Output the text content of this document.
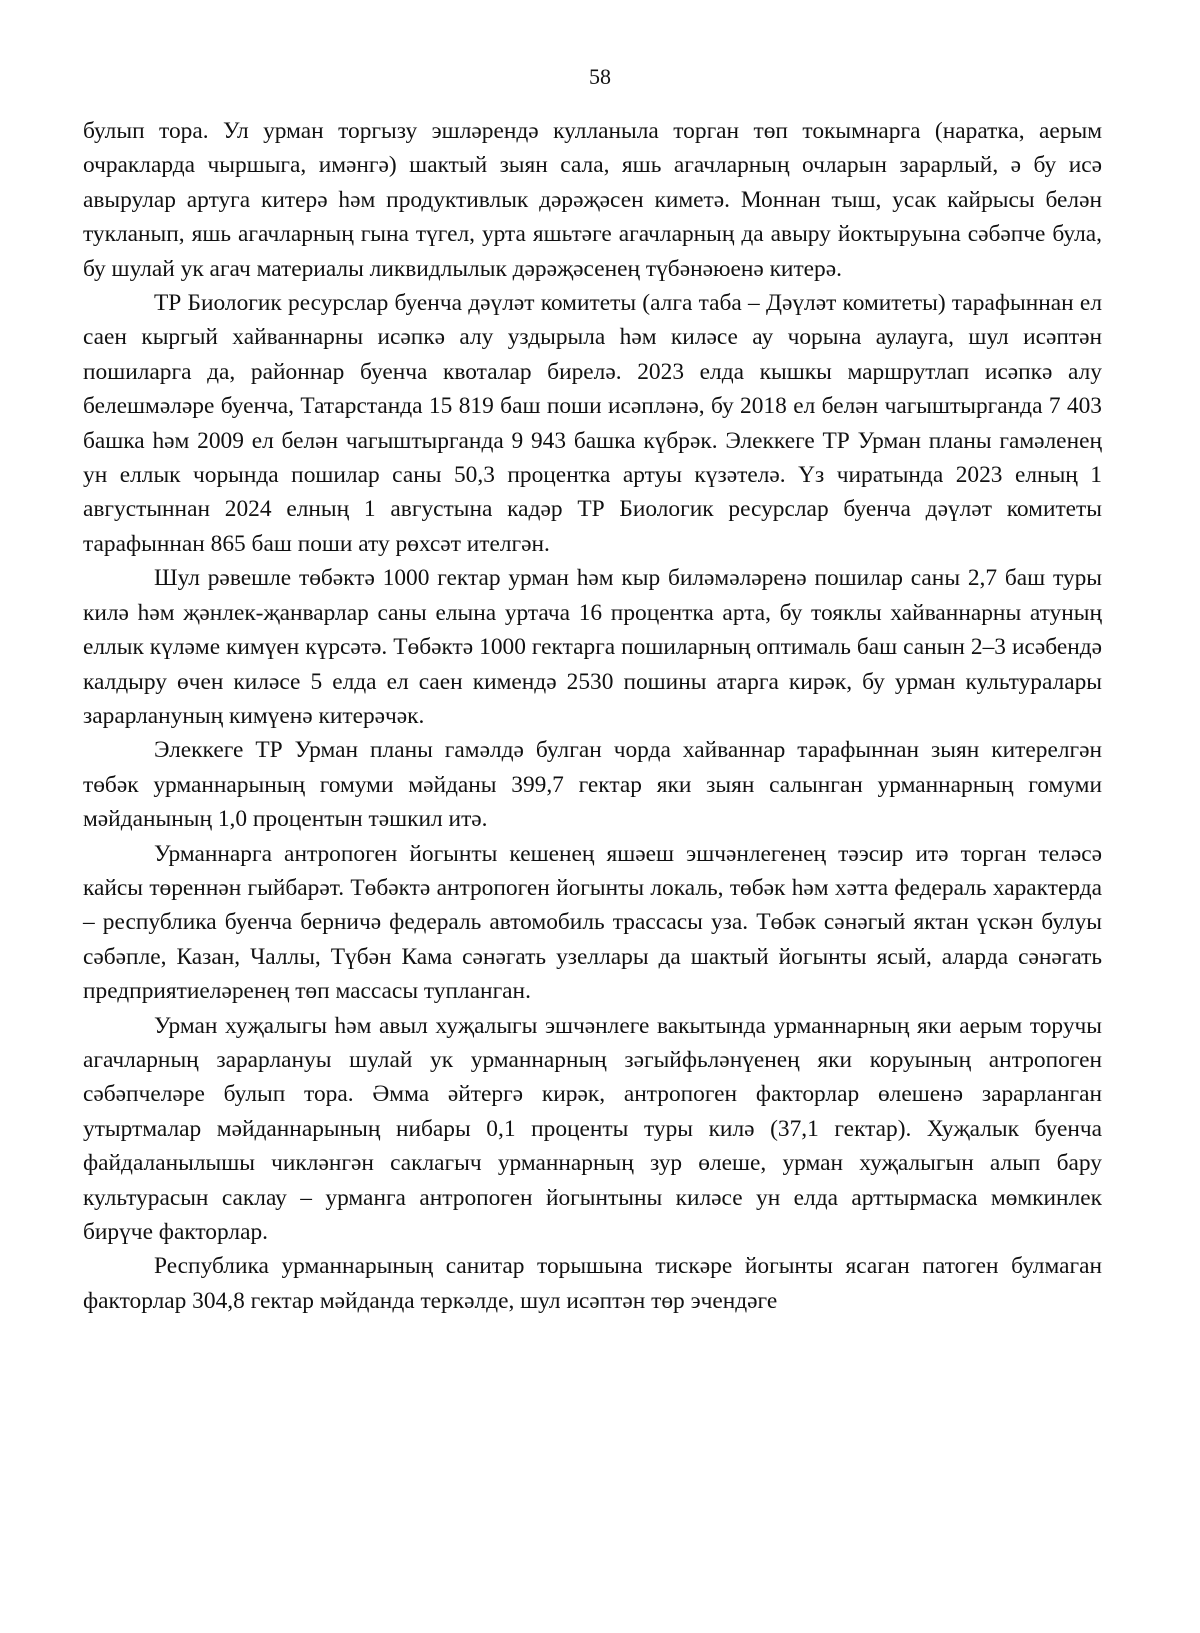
58

булып тора. Ул урман торгызу эшләрендә кулланыла торган төп токымнарга (наратка, аерым очракларда чыршыга, имәнгә) шактый зыян сала, яшь агачларның очларын зарарлый, ә бу исә авырулар артуга китерә һәм продуктивлык дәрәҗәсен киметә. Моннан тыш, усак кайрысы белән тукланып, яшь агачларның гына түгел, урта яшьтәге агачларның да авыру йоктыруына сәбәпче була, бу шулай ук агач материалы ликвидлылык дәрәҗәсенең түбәнәюенә китерә.

ТР Биологик ресурслар буенча дәүләт комитеты (алга таба – Дәүләт комитеты) тарафыннан ел саен кыргый хайваннарны исәпкә алу уздырыла һәм киләсе ау чорына аулауга, шул исәптән пошиларга да, районнар буенча квоталар бирелә. 2023 елда кышкы маршрутлап исәпкә алу белешмәләре буенча, Татарстанда 15 819 баш поши исәпләнә, бу 2018 ел белән чагыштырганда 7 403 башка һәм 2009 ел белән чагыштырганда 9 943 башка күбрәк. Элеккеге ТР Урман планы гамәленең ун еллык чорында пошилар саны 50,3 процентка артуы күзәтелә. Үз чиратында 2023 елның 1 августыннан 2024 елның 1 августына кадәр ТР Биологик ресурслар буенча дәүләт комитеты тарафыннан 865 баш поши ату рөхсәт ителгән.

Шул рәвешле төбәктә 1000 гектар урман һәм кыр биләмәләренә пошилар саны 2,7 баш туры килә һәм җәнлек-җанварлар саны елына уртача 16 процентка арта, бу тояклы хайваннарны атуның еллык күләме кимүен күрсәтә. Төбәктә 1000 гектарга пошиларның оптималь баш санын 2–3 исәбендә калдыру өчен киләсе 5 елда ел саен кимендә 2530 пошины атарга кирәк, бу урман культуралары зарарлануның кимүенә китерәчәк.

Элеккеге ТР Урман планы гамәлдә булган чорда хайваннар тарафыннан зыян китерелгән төбәк урманнарының гомуми мәйданы 399,7 гектар яки зыян салынган урманнарның гомуми мәйданының 1,0 процентын тәшкил итә.

Урманнарга антропоген йогынты кешенең яшәеш эшчәнлегенең тәэсир итә торган теләсә кайсы төреннән гыйбарәт. Төбәктә антропоген йогынты локаль, төбәк һәм хәтта федераль характерда – республика буенча берничә федераль автомобиль трассасы уза. Төбәк сәнәгый яктан үскән булуы сәбәпле, Казан, Чаллы, Түбән Кама сәнәгать узеллары да шактый йогынты ясый, аларда сәнәгать предприятиеләренең төп массасы тупланган.

Урман хуҗалыгы һәм авыл хуҗалыгы эшчәнлеге вакытында урманнарның яки аерым торучы агачларның зарарлануы шулай ук урманнарның зәгыйфьләнүенең яки коруының антропоген сәбәпчеләре булып тора. Әмма әйтергә кирәк, антропоген факторлар өлешенә зарарланган утыртмалар мәйданнарының нибары 0,1 проценты туры килә (37,1 гектар). Хуҗалык буенча файдаланылышы чикләнгән саклагыч урманнарның зур өлеше, урман хуҗалыгын алып бару культурасын саклау – урманга антропоген йогынтыны киләсе ун елда арттырмаска мөмкинлек бирүче факторлар.

Республика урманнарының санитар торышына тискәре йогынты ясаган патоген булмаган факторлар 304,8 гектар мәйданда теркәлде, шул исәптән төр эчендәге
